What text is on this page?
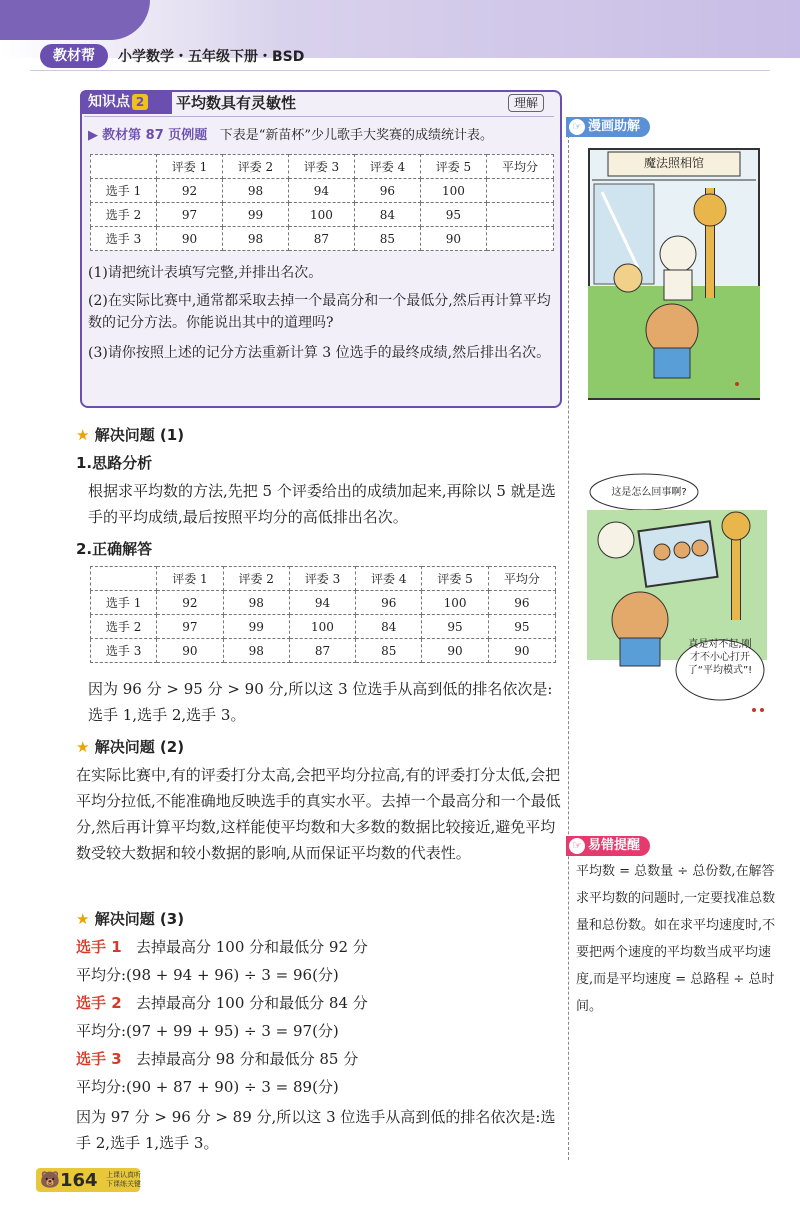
教材帮	小学数学・五年级下册・BSD
知识点 2	平均数具有灵敏性	理解
▶ 教材第 87 页例题 下表是“新苗杯”少儿歌手大奖赛的成绩统计表。
	评委 1	评委 2	评委 3	评委 4	评委 5	平均分
选手 1	92	98	94	96	100	
选手 2	97	99	100	84	95	
选手 3	90	98	87	85	90	
(1)请把统计表填写完整,并排出名次。
(2)在实际比赛中,通常都采取去掉一个最高分和一个最低分,然后再计算平均数的记分方法。你能说出其中的道理吗?
(3)请你按照上述的记分方法重新计算 3 位选手的最终成绩,然后排出名次。
★ 解决问题 (1)
1.思路分析
根据求平均数的方法,先把 5 个评委给出的成绩加起来,再除以 5 就是选手的平均成绩,最后按照平均分的高低排出名次。
2.正确解答
	评委 1	评委 2	评委 3	评委 4	评委 5	平均分
选手 1	92	98	94	96	100	96
选手 2	97	99	100	84	95	95
选手 3	90	98	87	85	90	90
因为 96 分 > 95 分 > 90 分,所以这 3 位选手从高到低的排名依次是:选手 1,选手 2,选手 3。
★ 解决问题 (2)
在实际比赛中,有的评委打分太高,会把平均分拉高,有的评委打分太低,会把平均分拉低,不能准确地反映选手的真实水平。去掉一个最高分和一个最低分,然后再计算平均数,这样能使平均数和大多数的数据比较接近,避免平均数受较大数据和较小数据的影响,从而保证平均数的代表性。
★ 解决问题 (3)
选手 1 去掉最高分 100 分和最低分 92 分
平均分:(98 + 94 + 96) ÷ 3 = 96(分)
选手 2 去掉最高分 100 分和最低分 84 分
平均分:(97 + 99 + 95) ÷ 3 = 97(分)
选手 3 去掉最高分 98 分和最低分 85 分
平均分:(90 + 87 + 90) ÷ 3 = 89(分)
因为 97 分 > 96 分 > 89 分,所以这 3 位选手从高到低的排名依次是:选手 2,选手 1,选手 3。
☞ 漫画助解
魔法照相馆
这是怎么回事啊?
真是对不起,刚才不小心打开了“平均模式”!
☞ 易错提醒
平均数 = 总数量 ÷ 总份数,在解答求平均数的问题时,一定要找准总数量和总份数。如在求平均速度时,不要把两个速度的平均数当成平均速度,而是平均速度 = 总路程 ÷ 总时间。
🐻 164 上课认真听 下课练关键
